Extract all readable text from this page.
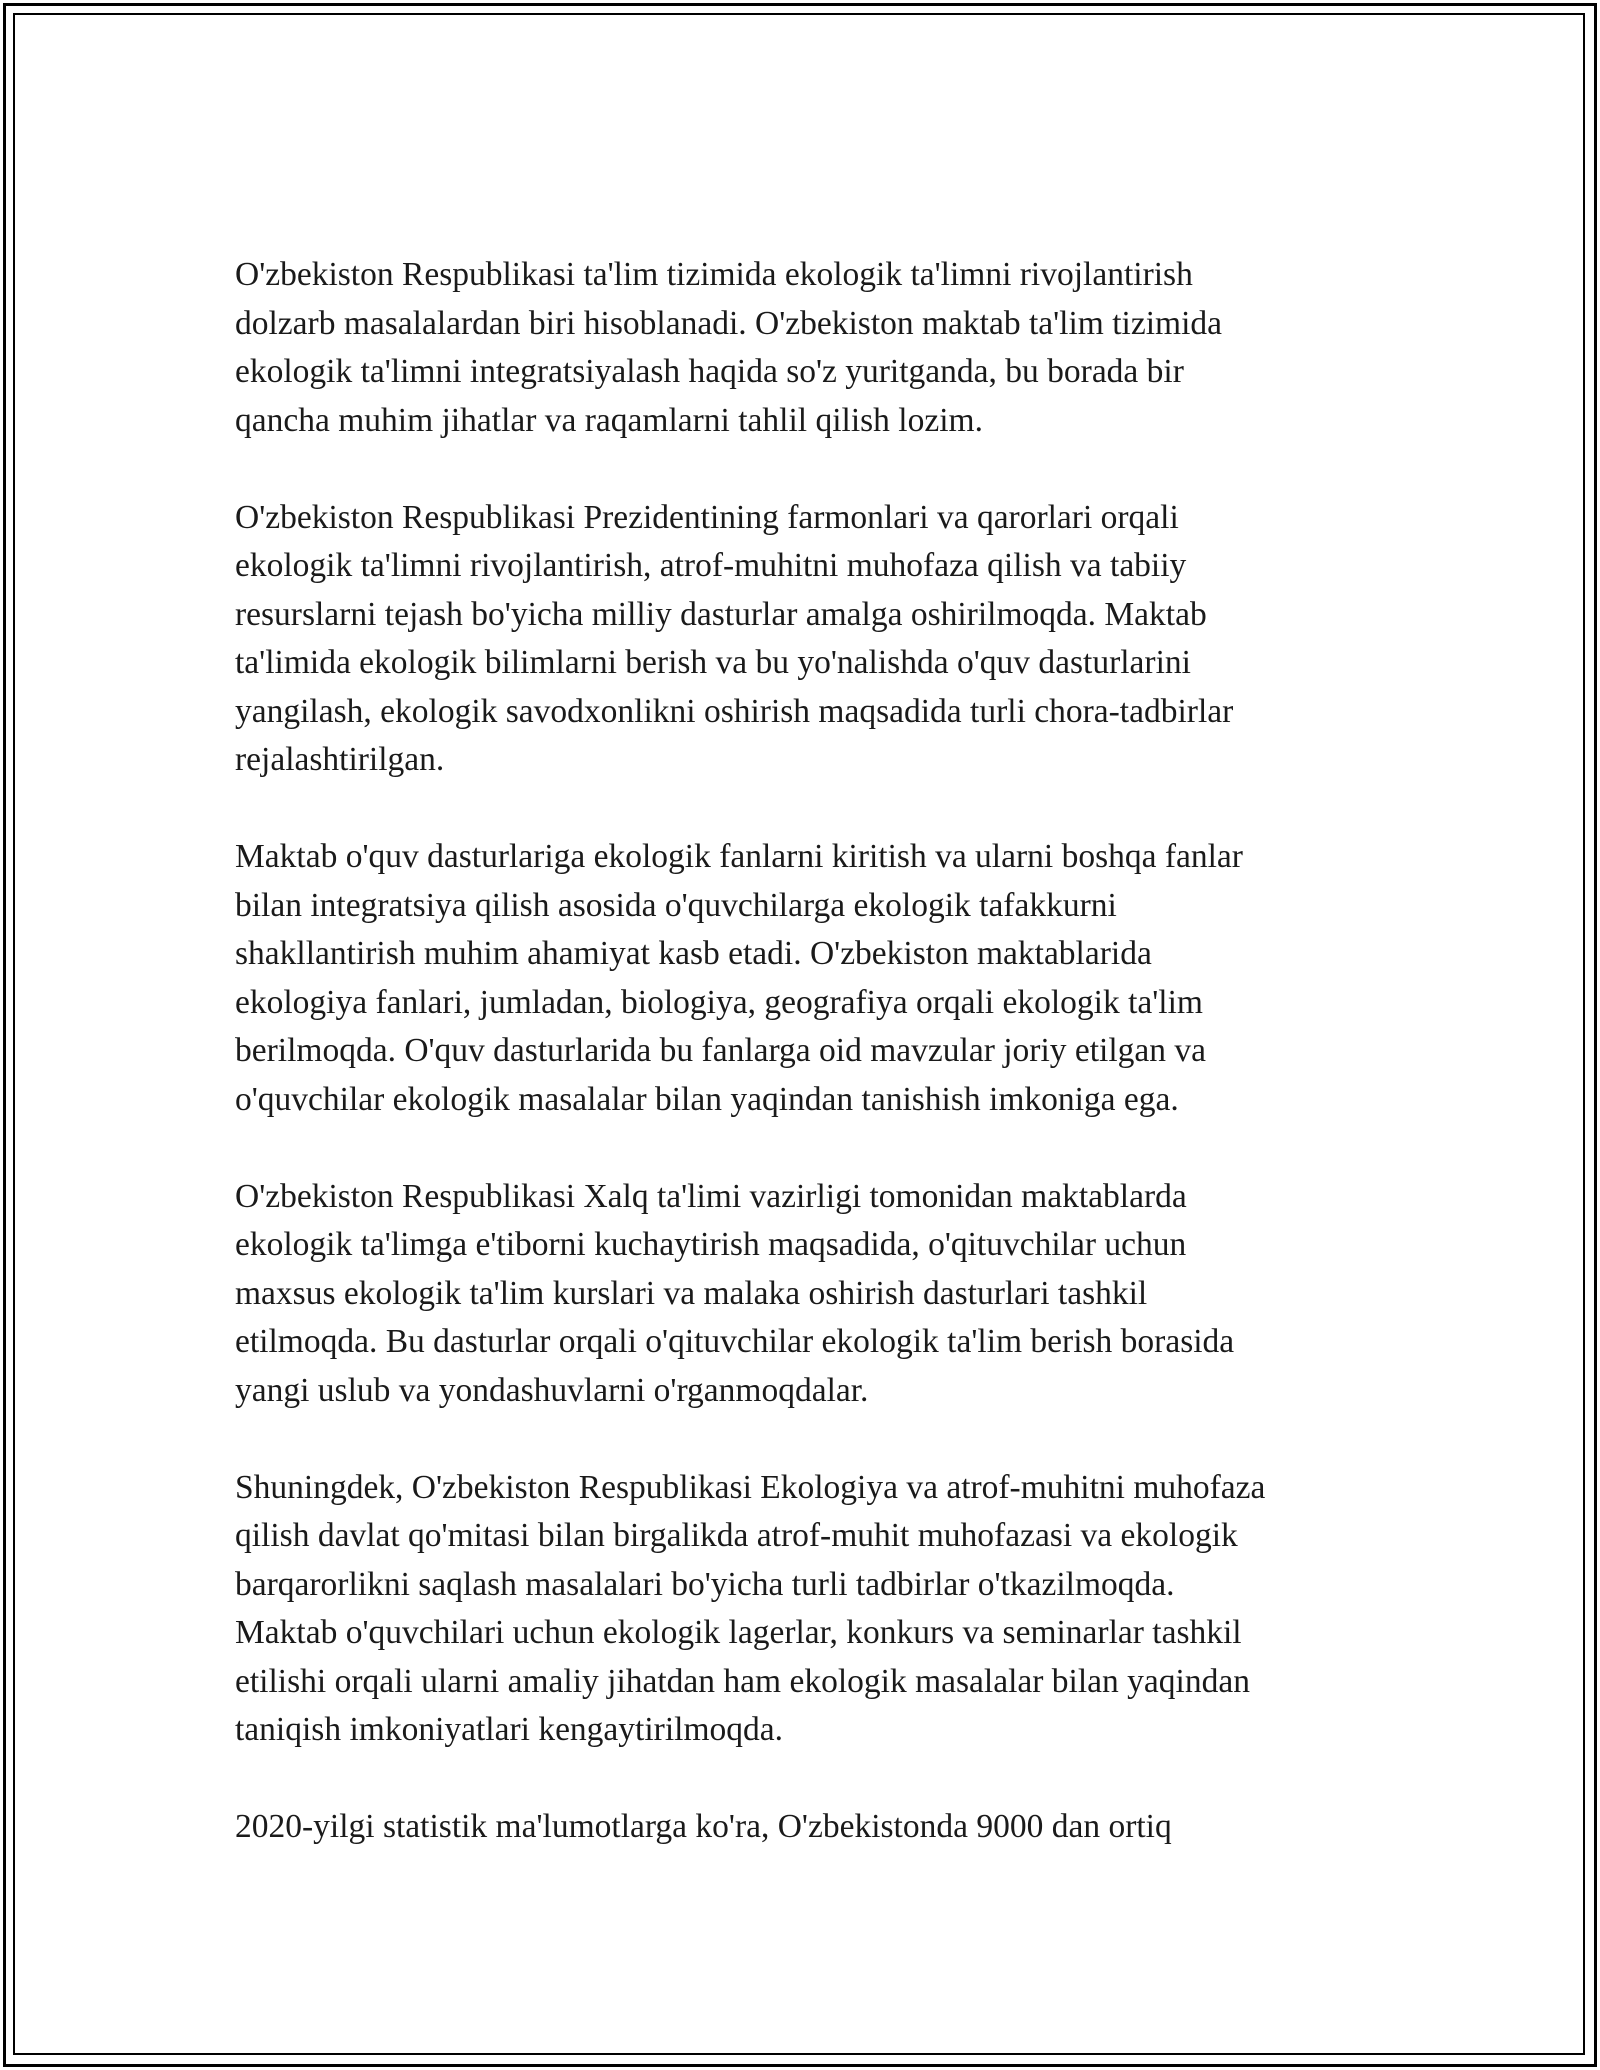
O'zbekiston Respublikasi ta'lim tizimida ekologik ta'limni rivojlantirish
dolzarb masalalardan biri hisoblanadi. O'zbekiston maktab ta'lim tizimida
ekologik ta'limni integratsiyalash haqida so'z yuritganda, bu borada bir
qancha muhim jihatlar va raqamlarni tahlil qilish lozim.

O'zbekiston Respublikasi Prezidentining farmonlari va qarorlari orqali
ekologik ta'limni rivojlantirish, atrof-muhitni muhofaza qilish va tabiiy
resurslarni tejash bo'yicha milliy dasturlar amalga oshirilmoqda. Maktab
ta'limida ekologik bilimlarni berish va bu yo'nalishda o'quv dasturlarini
yangilash, ekologik savodxonlikni oshirish maqsadida turli chora-tadbirlar
rejalashtirilgan.

Maktab o'quv dasturlariga ekologik fanlarni kiritish va ularni boshqa fanlar
bilan integratsiya qilish asosida o'quvchilarga ekologik tafakkurni
shakllantirish muhim ahamiyat kasb etadi. O'zbekiston maktablarida
ekologiya fanlari, jumladan, biologiya, geografiya orqali ekologik ta'lim
berilmoqda. O'quv dasturlarida bu fanlarga oid mavzular joriy etilgan va
o'quvchilar ekologik masalalar bilan yaqindan tanishish imkoniga ega.

O'zbekiston Respublikasi Xalq ta'limi vazirligi tomonidan maktablarda
ekologik ta'limga e'tiborni kuchaytirish maqsadida, o'qituvchilar uchun
maxsus ekologik ta'lim kurslari va malaka oshirish dasturlari tashkil
etilmoqda. Bu dasturlar orqali o'qituvchilar ekologik ta'lim berish borasida
yangi uslub va yondashuvlarni o'rganmoqdalar.

Shuningdek, O'zbekiston Respublikasi Ekologiya va atrof-muhitni muhofaza
qilish davlat qo'mitasi bilan birgalikda atrof-muhit muhofazasi va ekologik
barqarorlikni saqlash masalalari bo'yicha turli tadbirlar o'tkazilmoqda.
Maktab o'quvchilari uchun ekologik lagerlar, konkurs va seminarlar tashkil
etilishi orqali ularni amaliy jihatdan ham ekologik masalalar bilan yaqindan
taniqish imkoniyatlari kengaytirilmoqda.

2020-yilgi statistik ma'lumotlarga ko'ra, O'zbekistonda 9000 dan ortiq
